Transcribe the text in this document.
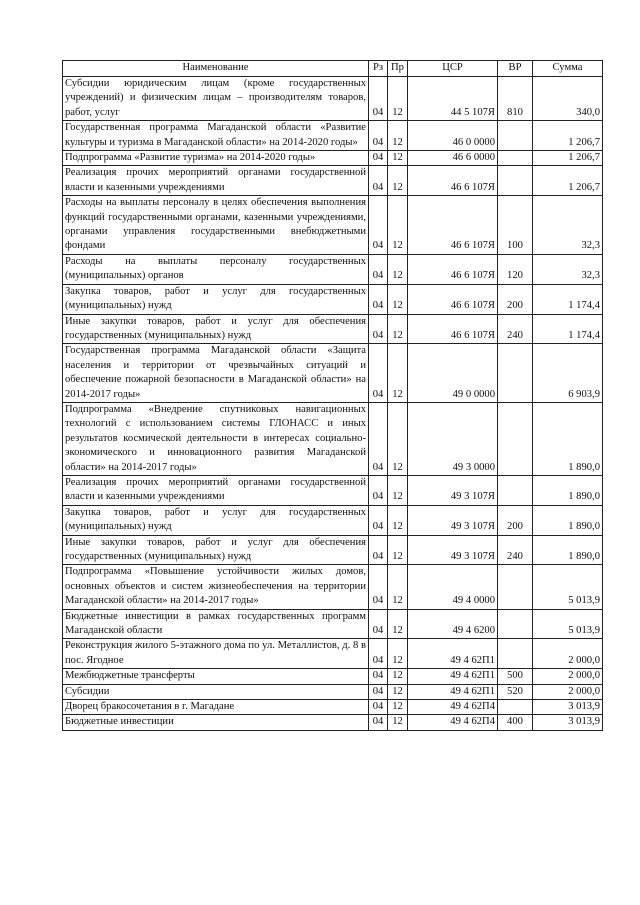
Наименование	Рз	Пр	ЦСР	ВР	Сумма
Субсидии юридическим лицам (кроме государственных учреждений) и физическим лицам – производителям товаров, работ, услуг	04	12	44 5 107Я	810	340,0
Государственная программа Магаданской области «Развитие культуры и туризма в Магаданской области» на 2014-2020 годы»	04	12	46 0 0000		1 206,7
Подпрограмма «Развитие туризма» на 2014-2020 годы»	04	12	46 6 0000		1 206,7
Реализация прочих мероприятий органами государственной власти и казенными учреждениями	04	12	46 6 107Я		1 206,7
Расходы на выплаты персоналу в целях обеспечения выполнения функций государственными органами, казенными учреждениями, органами управления государственными внебюджетными фондами	04	12	46 6 107Я	100	32,3
Расходы на выплаты персоналу государственных (муниципальных) органов	04	12	46 6 107Я	120	32,3
Закупка товаров, работ и услуг для государственных (муниципальных) нужд	04	12	46 6 107Я	200	1 174,4
Иные закупки товаров, работ и услуг для обеспечения государственных (муниципальных) нужд	04	12	46 6 107Я	240	1 174,4
Государственная программа Магаданской области «Защита населения и территории от чрезвычайных ситуаций и обеспечение пожарной безопасности в Магаданской области» на 2014-2017 годы»	04	12	49 0 0000		6 903,9
Подпрограмма «Внедрение спутниковых навигационных технологий с использованием системы ГЛОНАСС и иных результатов космической деятельности в интересах социально-экономического и инновационного развития Магаданской области» на 2014-2017 годы»	04	12	49 3 0000		1 890,0
Реализация прочих мероприятий органами государственной власти и казенными учреждениями	04	12	49 3 107Я		1 890,0
Закупка товаров, работ и услуг для государственных (муниципальных) нужд	04	12	49 3 107Я	200	1 890,0
Иные закупки товаров, работ и услуг для обеспечения государственных (муниципальных) нужд	04	12	49 3 107Я	240	1 890,0
Подпрограмма «Повышение устойчивости жилых домов, основных объектов и систем жизнеобеспечения на территории Магаданской области» на 2014-2017 годы»	04	12	49 4 0000		5 013,9
Бюджетные инвестиции в рамках государственных программ Магаданской области	04	12	49 4 6200		5 013,9
Реконструкция жилого 5-этажного дома по ул. Металлистов, д. 8 в пос. Ягодное	04	12	49 4 62П1		2 000,0
Межбюджетные трансферты	04	12	49 4 62П1	500	2 000,0
Субсидии	04	12	49 4 62П1	520	2 000,0
Дворец бракосочетания в г. Магадане	04	12	49 4 62П4		3 013,9
Бюджетные инвестиции	04	12	49 4 62П4	400	3 013,9
